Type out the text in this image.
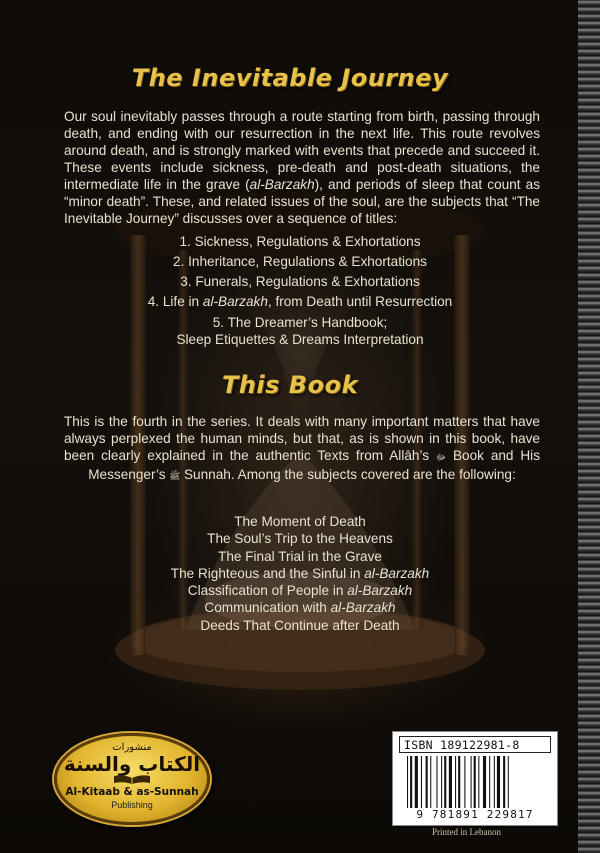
The Inevitable Journey

Our soul inevitably passes through a route starting from birth, passing through death, and ending with our resurrection in the next life. This route revolves around death, and is strongly marked with events that precede and succeed it. These events include sickness, pre-death and post-death situations, the intermediate life in the grave (al-Barzakh), and periods of sleep that count as “minor death”. These, and related issues of the soul, are the subjects that “The Inevitable Journey” discusses over a sequence of titles:

1. Sickness, Regulations & Exhortations
2. Inheritance, Regulations & Exhortations
3. Funerals, Regulations & Exhortations
4. Life in al-Barzakh, from Death until Resurrection
5. The Dreamer’s Handbook;
Sleep Etiquettes & Dreams Interpretation
This Book

This is the fourth in the series. It deals with many important matters that have always perplexed the human minds, but that, as is shown in this book, have been clearly explained in the authentic Texts from Allāh’s ﷻ Book and His Messenger’s ﷺ Sunnah. Among the subjects covered are the following:

The Moment of Death
The Soul’s Trip to the Heavens
The Final Trial in the Grave
The Righteous and the Sinful in al-Barzakh
Classification of People in al-Barzakh
Communication with al-Barzakh
Deeds That Continue after Death
منشورات
الكتاب والسنة
Al-Kitaab & as-Sunnah
Publishing
ISBN 189122981-8
9 781891 229817
Printed in Lebanon
